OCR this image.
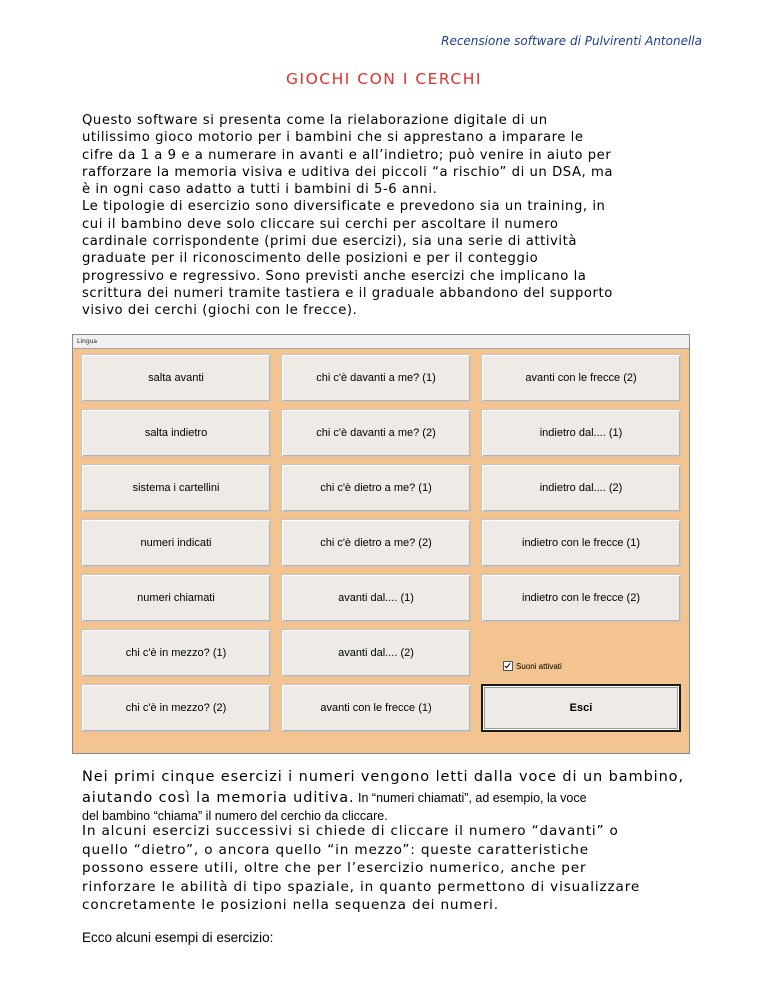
Recensione software di Pulvirenti Antonella
GIOCHI CON I CERCHI

Questo software si presenta come la rielaborazione digitale di un
utilissimo gioco motorio per i bambini che si apprestano a imparare le
cifre da 1 a 9 e a numerare in avanti e all’indietro; può venire in aiuto per
rafforzare la memoria visiva e uditiva dei piccoli “a rischio” di un DSA, ma
è in ogni caso adatto a tutti i bambini di 5-6 anni.
Le tipologie di esercizio sono diversificate e prevedono sia un training, in
cui il bambino deve solo cliccare sui cerchi per ascoltare il numero
cardinale corrispondente (primi due esercizi), sia una serie di attività
graduate per il riconoscimento delle posizioni e per il conteggio
progressivo e regressivo. Sono previsti anche esercizi che implicano la
scrittura dei numeri tramite tastiera e il graduale abbandono del supporto
visivo dei cerchi (giochi con le frecce).

Lingua
salta avanti
salta indietro
sistema i cartellini
numeri indicati
numeri chiamati
chi c'è in mezzo? (1)
chi c'è in mezzo? (2)
chi c'è davanti a me? (1)
chi c'è davanti a me? (2)
chi c'è dietro a me? (1)
chi c'è dietro a me? (2)
avanti dal.... (1)
avanti dal.... (2)
avanti con le frecce (1)
avanti con le frecce (2)
indietro dal.... (1)
indietro dal.... (2)
indietro con le frecce (1)
indietro con le frecce (2)
Suoni attivati
Esci

Nei primi cinque esercizi i numeri vengono letti dalla voce di un bambino,
aiutando così la memoria uditiva. In “numeri chiamati”, ad esempio, la voce
del bambino “chiama” il numero del cerchio da cliccare.

In alcuni esercizi successivi si chiede di cliccare il numero “davanti” o
quello “dietro”, o ancora quello “in mezzo”: queste caratteristiche
possono essere utili, oltre che per l’esercizio numerico, anche per
rinforzare le abilità di tipo spaziale, in quanto permettono di visualizzare
concretamente le posizioni nella sequenza dei numeri.

Ecco alcuni esempi di esercizio:
